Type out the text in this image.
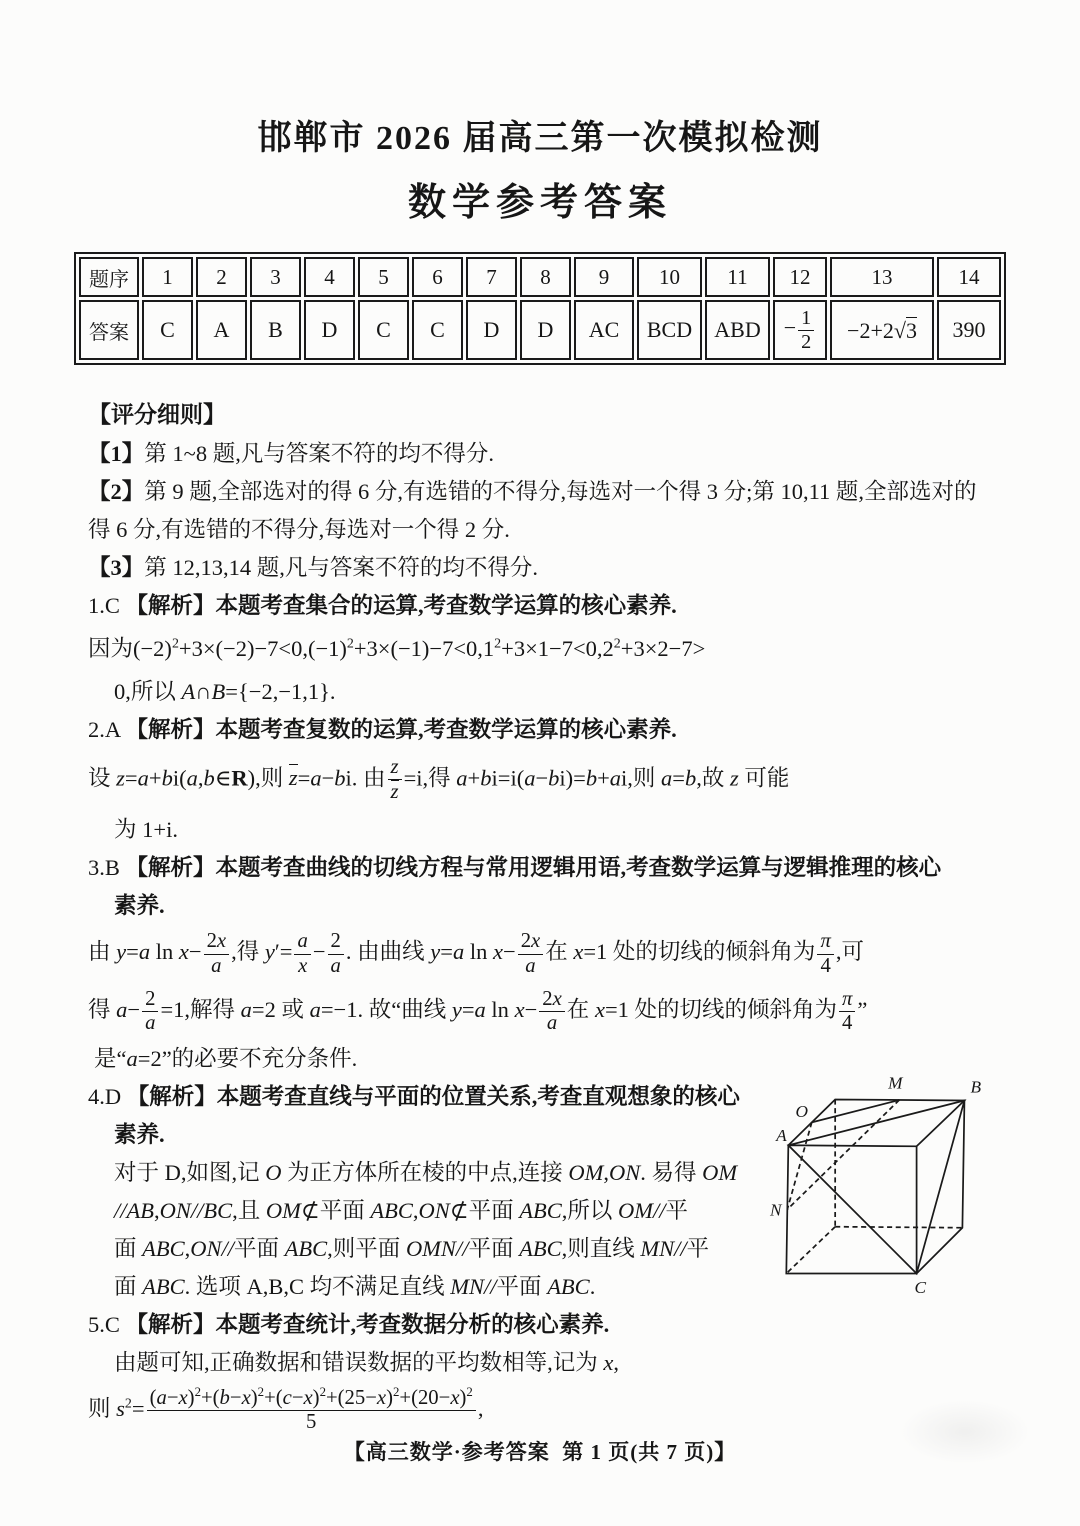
邯郸市 2026 届高三第一次模拟检测
数学参考答案
题序	1	2	3	4	5	6	7	8	9	10	11	12	13	14
答案	C	A	B	D	C	C	D	D	AC	BCD	ABD	− $\frac{1}{2}$	−2+2√3	390
【评分细则】
【1】第 1~8 题,凡与答案不符的均不得分.
【2】第 9 题,全部选对的得 6 分,有选错的不得分,每选对一个得 3 分;第 10,11 题,全部选对的
得 6 分,有选错的不得分,每选对一个得 2 分.
【3】第 12,13,14 题,凡与答案不符的均不得分.
1.C 【解析】本题考查集合的运算,考查数学运算的核心素养.
因为$(-2)^2+3\times(-2)-7<0,(-1)^2+3\times(-1)-7<0,1^2+3\times 1-7<0,2^2+3\times 2-7>$
0,所以 A∩B={−2,−1,1}.
2.A 【解析】本题考查复数的运算,考查数学运算的核心素养.
设 z=a+bi(a,b∈R),则 z=a−bi. 由 $\frac{z}{z} =i$,得 a+bi=i(a−bi)=b+ai,则 a=b,故 z 可能
为 1+i.
3.B 【解析】本题考查曲线的切线方程与常用逻辑用语,考查数学运算与逻辑推理的核心
素养.
由 y=a $\ln x- \frac{2x}{a}$ ,得 $y'= \frac{a}{x} - \frac{2}{a}$ . 由曲线 y=a $\ln x- \frac{2x}{a}$ 在 x=1 处的切线的倾斜角为 $\frac{\pi}{4}$ ,可
得 $a- \frac{2}{a} =1$,解得 a=2 或 a=−1. 故“曲线 y=a $\ln x- \frac{2x}{a}$ 在 x=1 处的切线的倾斜角为 $\frac{\pi}{4}$ ”
是“a=2”的必要不充分条件.
A
B
C
M
N
O
4.D 【解析】本题考查直线与平面的位置关系,考查直观想象的核心
素养.
对于 D,如图,记 O 为正方体所在棱的中点,连接 OM,ON. 易得 OM
//AB,ON//BC,且 OM⊄平面 ABC,ON⊄平面 ABC,所以 OM//平
面 ABC,ON//平面 ABC,则平面 OMN//平面 ABC,则直线 MN//平
面 ABC. 选项 A,B,C 均不满足直线 MN//平面 ABC.
5.C 【解析】本题考查统计,考查数据分析的核心素养.
由题可知,正确数据和错误数据的平均数相等,记为 x,
则 $s^2= \frac{(a-x)^2+(b-x)^2+(c-x)^2+(25-x)^2+(20-x)^2}{5}$ ,
【高三数学·参考答案  第 1 页(共 7 页)】
